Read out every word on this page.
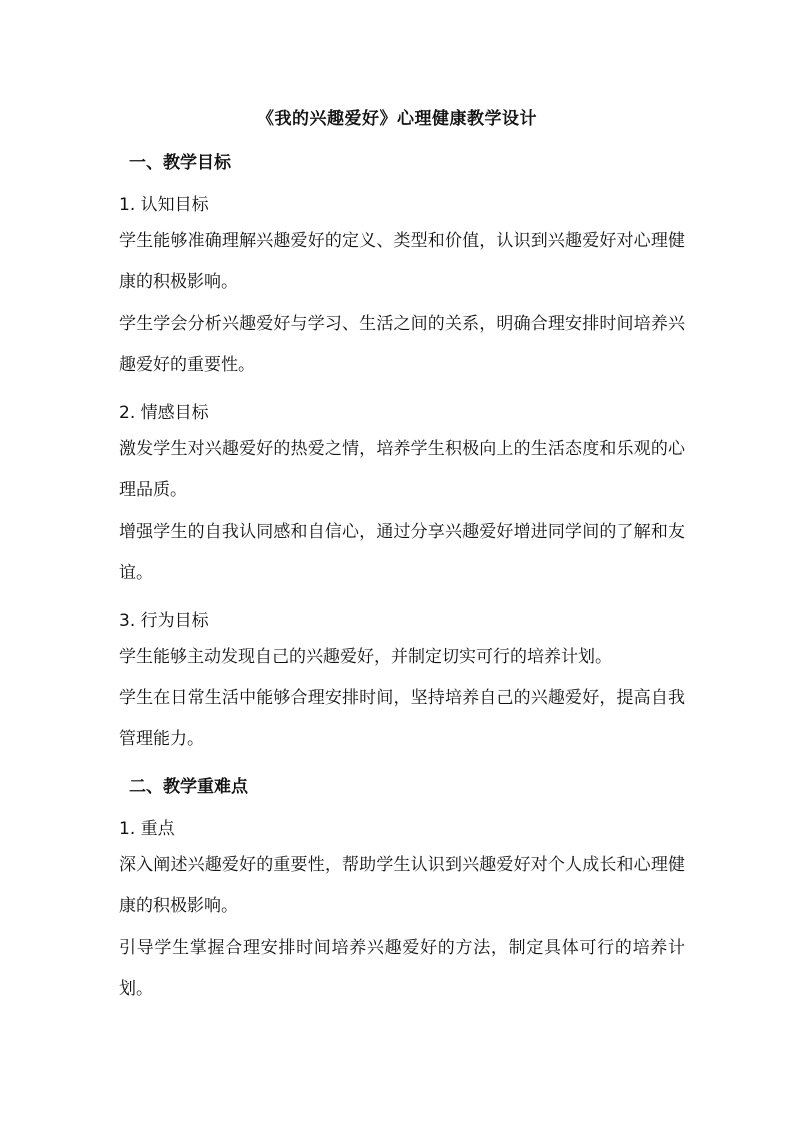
《我的兴趣爱好》心理健康教学设计
一、教学目标
1. 认知目标
学生能够准确理解兴趣爱好的定义、类型和价值，认识到兴趣爱好对心理健康的积极影响。
学生学会分析兴趣爱好与学习、生活之间的关系，明确合理安排时间培养兴趣爱好的重要性。
2. 情感目标
激发学生对兴趣爱好的热爱之情，培养学生积极向上的生活态度和乐观的心理品质。
增强学生的自我认同感和自信心，通过分享兴趣爱好增进同学间的了解和友谊。
3. 行为目标
学生能够主动发现自己的兴趣爱好，并制定切实可行的培养计划。
学生在日常生活中能够合理安排时间，坚持培养自己的兴趣爱好，提高自我管理能力。
二、教学重难点
1. 重点
深入阐述兴趣爱好的重要性，帮助学生认识到兴趣爱好对个人成长和心理健康的积极影响。
引导学生掌握合理安排时间培养兴趣爱好的方法，制定具体可行的培养计划。
